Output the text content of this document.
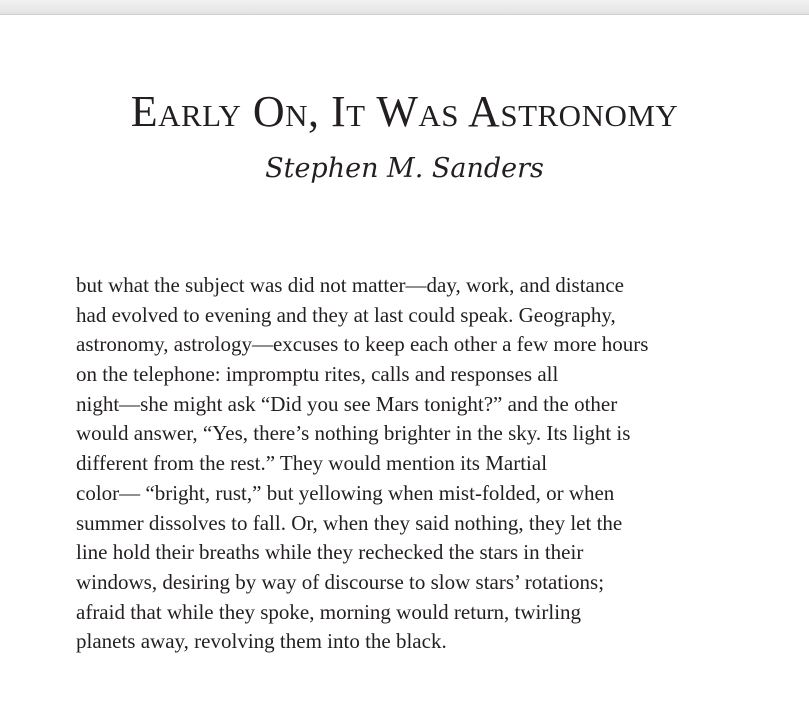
Early On, It Was Astronomy
Stephen M. Sanders
but what the subject was did not matter—day, work, and distance
had evolved to evening and they at last could speak. Geography,
astronomy, astrology—excuses to keep each other a few more hours
on the telephone: impromptu rites, calls and responses all
night—she might ask “Did you see Mars tonight?” and the other
would answer, “Yes, there’s nothing brighter in the sky. Its light is
different from the rest.” They would mention its Martial
color— “bright, rust,” but yellowing when mist-folded, or when
summer dissolves to fall. Or, when they said nothing, they let the
line hold their breaths while they rechecked the stars in their
windows, desiring by way of discourse to slow stars’ rotations;
afraid that while they spoke, morning would return, twirling
planets away, revolving them into the black.
